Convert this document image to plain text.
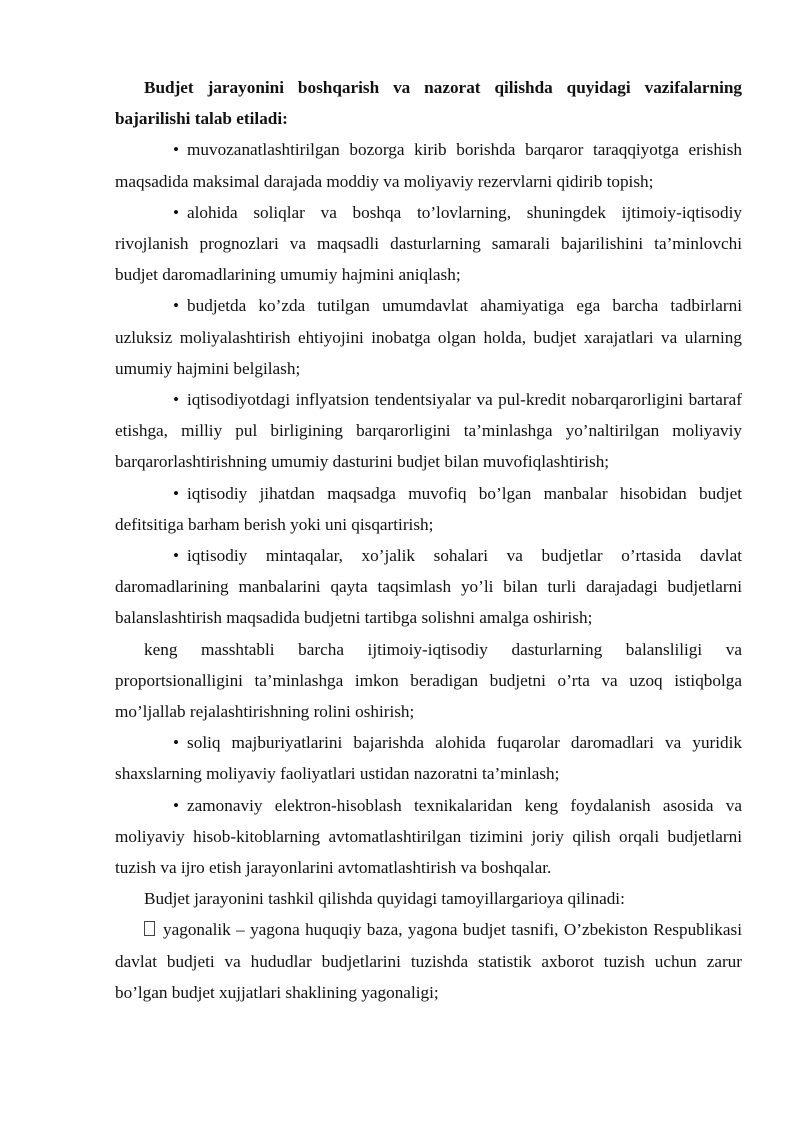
Budjet jarayonini boshqarish va nazorat qilishda quyidagi vazifalarning bajarilishi talab etiladi:

• muvozanatlashtirilgan bozorga kirib borishda barqaror taraqqiyotga erishish maqsadida maksimal darajada moddiy va moliyaviy rezervlarni qidirib topish;

• alohida soliqlar va boshqa to’lovlarning, shuningdek ijtimoiy-iqtisodiy rivojlanish prognozlari va maqsadli dasturlarning samarali bajarilishini ta’minlovchi budjet daromadlarining umumiy hajmini aniqlash;

• budjetda ko’zda tutilgan umumdavlat ahamiyatiga ega barcha tadbirlarni uzluksiz moliyalashtirish ehtiyojini inobatga olgan holda, budjet xarajatlari va ularning umumiy hajmini belgilash;

• iqtisodiyotdagi inflyatsion tendentsiyalar va pul-kredit nobarqarorligini bartaraf etishga, milliy pul birligining barqarorligini ta’minlashga yo’naltirilgan moliyaviy barqarorlashtirishning umumiy dasturini budjet bilan muvofiqlashtirish;

• iqtisodiy jihatdan maqsadga muvofiq bo’lgan manbalar hisobidan budjet defitsitiga barham berish yoki uni qisqartirish;

• iqtisodiy mintaqalar, xo’jalik sohalari va budjetlar o’rtasida davlat daromadlarining manbalarini qayta taqsimlash yo’li bilan turli darajadagi budjetlarni balanslashtirish maqsadida budjetni tartibga solishni amalga oshirish;

keng masshtabli barcha ijtimoiy-iqtisodiy dasturlarning balansliligi va proportsionalligini ta’minlashga imkon beradigan budjetni o’rta va uzoq istiqbolga mo’ljallab rejalashtirishning rolini oshirish;

• soliq majburiyatlarini bajarishda alohida fuqarolar daromadlari va yuridik shaxslarning moliyaviy faoliyatlari ustidan nazoratni ta’minlash;

• zamonaviy elektron-hisoblash texnikalaridan keng foydalanish asosida va moliyaviy hisob-kitoblarning avtomatlashtirilgan tizimini joriy qilish orqali budjetlarni tuzish va ijro etish jarayonlarini avtomatlashtirish va boshqalar.

Budjet jarayonini tashkil qilishda quyidagi tamoyillargarioya qilinadi:

yagonalik – yagona huquqiy baza, yagona budjet tasnifi, O’zbekiston Respublikasi davlat budjeti va hududlar budjetlarini tuzishda statistik axborot tuzish uchun zarur bo’lgan budjet xujjatlari shaklining yagonaligi;
